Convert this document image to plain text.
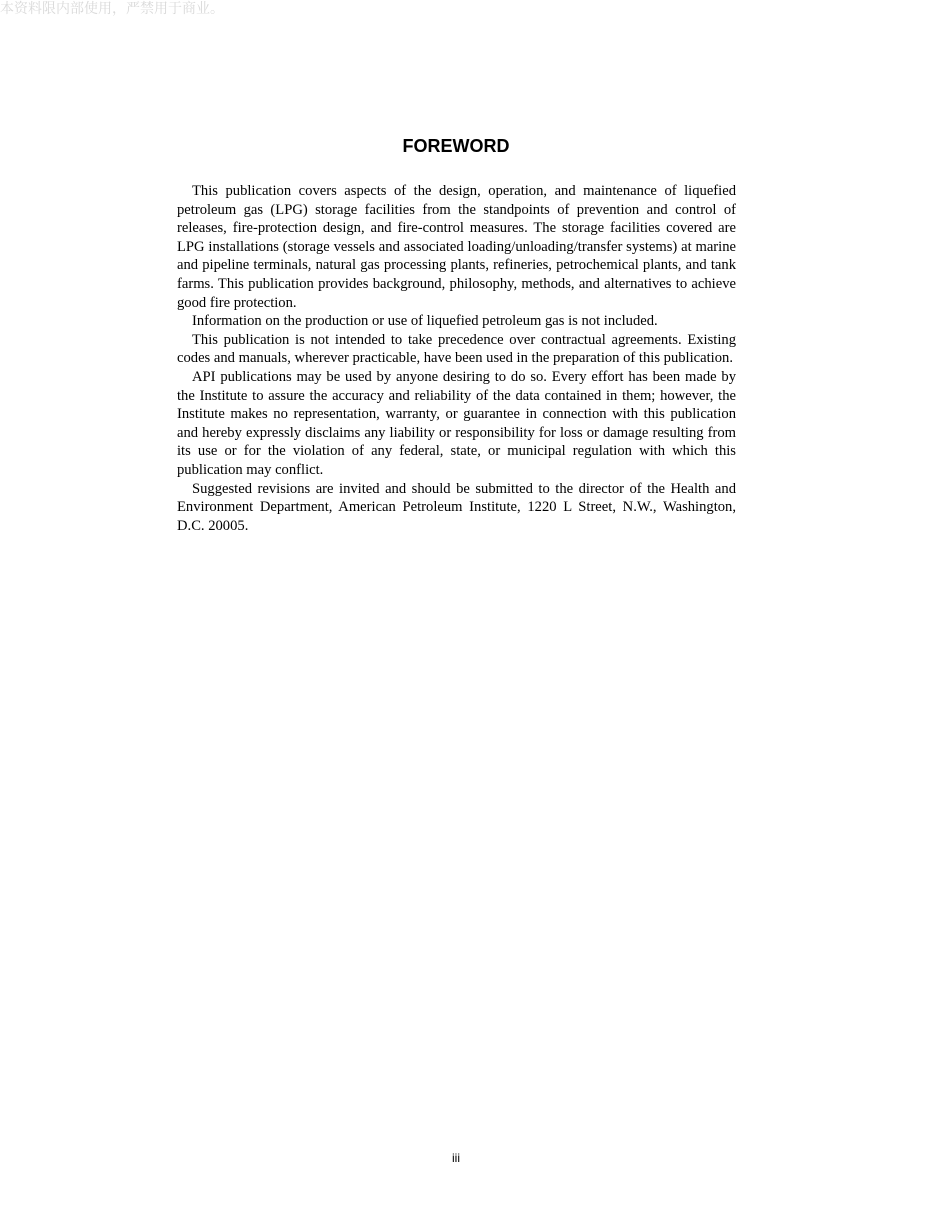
本资料限内部使用，严禁用于商业。
FOREWORD

This publication covers aspects of the design, operation, and maintenance of liquefied petroleum gas (LPG) storage facilities from the standpoints of prevention and control of releases, fire-protection design, and fire-control measures. The storage facilities covered are LPG installations (storage vessels and associated loading/unloading/transfer systems) at marine and pipeline terminals, natural gas processing plants, refineries, petrochemical plants, and tank farms. This publication provides background, philosophy, methods, and alternatives to achieve good fire protection.

Information on the production or use of liquefied petroleum gas is not included.

This publication is not intended to take precedence over contractual agreements. Existing codes and manuals, wherever practicable, have been used in the preparation of this publication.

API publications may be used by anyone desiring to do so. Every effort has been made by the Institute to assure the accuracy and reliability of the data contained in them; however, the Institute makes no representation, warranty, or guarantee in connection with this publication and hereby expressly disclaims any liability or responsibility for loss or damage resulting from its use or for the violation of any federal, state, or municipal regulation with which this publication may conflict.

Suggested revisions are invited and should be submitted to the director of the Health and Environment Department, American Petroleum Institute, 1220 L Street, N.W., Washington, D.C. 20005.

iii
